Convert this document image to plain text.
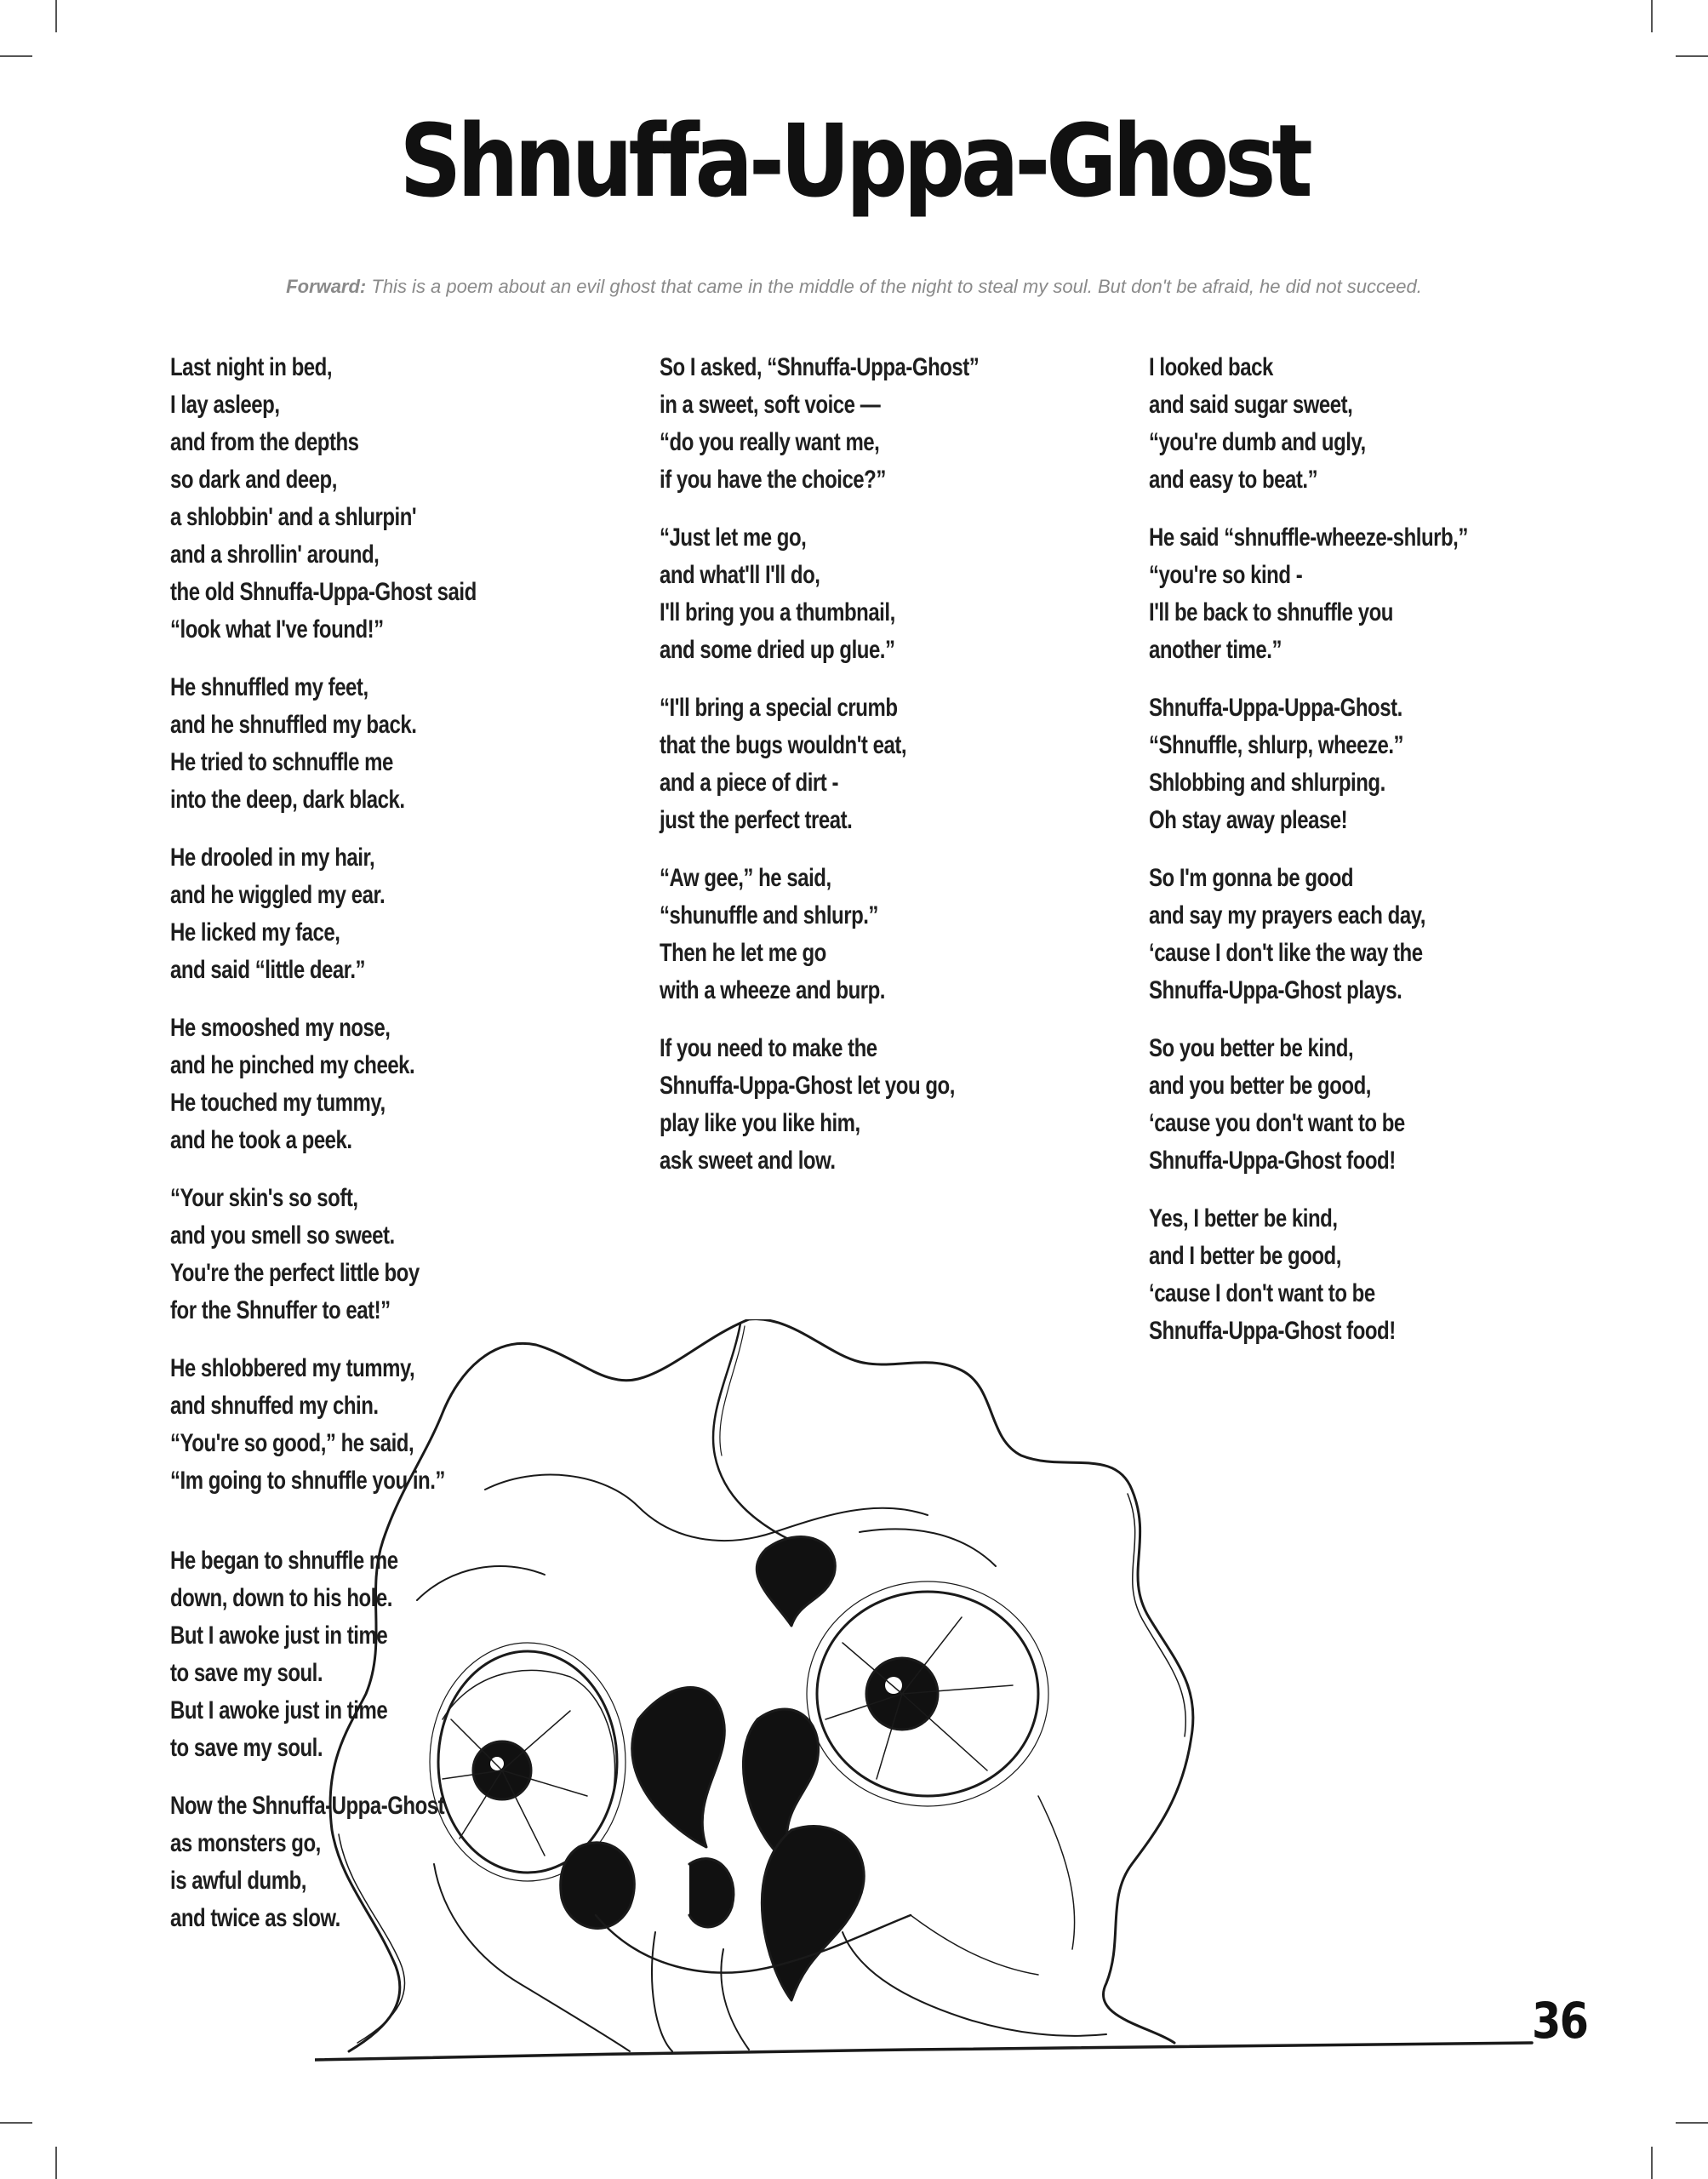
Shnuffa-Uppa-Ghost
Forward: This is a poem about an evil ghost that came in the middle of the night to steal my soul. But don't be afraid, he did not succeed.
Last night in bed,
I lay asleep,
and from the depths
so dark and deep,
a shlobbin' and a shlurpin'
and a shrollin' around,
the old Shnuffa-Uppa-Ghost said
“look what I've found!”
He shnuffled my feet,
and he shnuffled my back.
He tried to schnuffle me
into the deep, dark black.
He drooled in my hair,
and he wiggled my ear.
He licked my face,
and said “little dear.”
He smooshed my nose,
and he pinched my cheek.
He touched my tummy,
and he took a peek.
“Your skin's so soft,
and you smell so sweet.
You're the perfect little boy
for the Shnuffer to eat!”
He shlobbered my tummy,
and shnuffed my chin.
“You're so good,” he said,
“Im going to shnuffle you in.”
He began to shnuffle me
down, down to his hole.
But I awoke just in time
to save my soul.
But I awoke just in time
to save my soul.
Now the Shnuffa-Uppa-Ghost
as monsters go,
is awful dumb,
and twice as slow.
So I asked, “Shnuffa-Uppa-Ghost”
in a sweet, soft voice —
“do you really want me,
if you have the choice?”
“Just let me go,
and what'll I'll do,
I'll bring you a thumbnail,
and some dried up glue.”
“I'll bring a special crumb
that the bugs wouldn't eat,
and a piece of dirt -
just the perfect treat.
“Aw gee,” he said,
“shunuffle and shlurp.”
Then he let me go
with a wheeze and burp.
If you need to make the
Shnuffa-Uppa-Ghost let you go,
play like you like him,
ask sweet and low.
I looked back
and said sugar sweet,
“you're dumb and ugly,
and easy to beat.”
He said “shnuffle-wheeze-shlurb,”
“you're so kind -
I'll be back to shnuffle you
another time.”
Shnuffa-Uppa-Uppa-Ghost.
“Shnuffle, shlurp, wheeze.”
Shlobbing and shlurping.
Oh stay away please!
So I'm gonna be good
and say my prayers each day,
‘cause I don't like the way the
Shnuffa-Uppa-Ghost plays.
So you better be kind,
and you better be good,
‘cause you don't want to be
Shnuffa-Uppa-Ghost food!
Yes, I better be kind,
and I better be good,
‘cause I don't want to be
Shnuffa-Uppa-Ghost food!
36
